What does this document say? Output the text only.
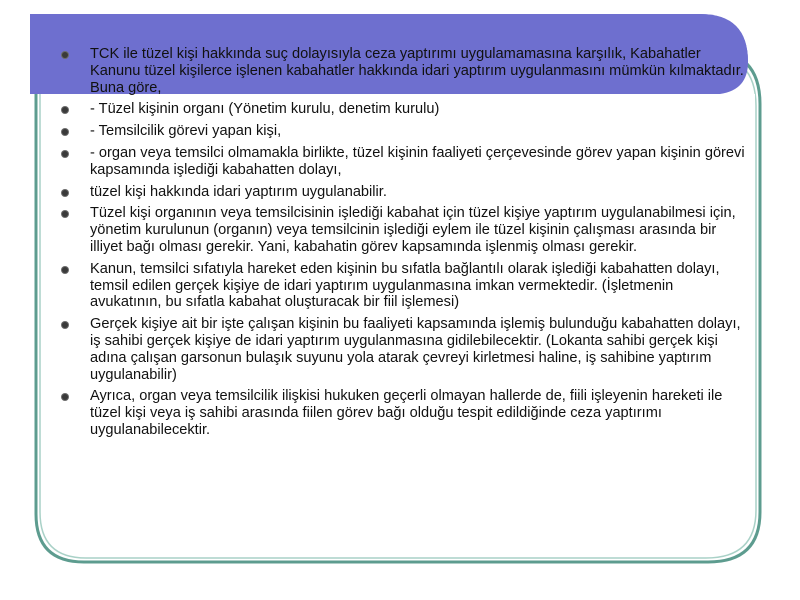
TCK ile tüzel kişi hakkında suç dolayısıyla ceza yaptırımı uygulamamasına karşılık, Kabahatler Kanunu tüzel kişilerce işlenen kabahatler hakkında idari yaptırım uygulanmasını mümkün kılmaktadır. Buna göre,
- Tüzel kişinin organı (Yönetim kurulu, denetim kurulu)
- Temsilcilik görevi yapan kişi,
- organ veya temsilci olmamakla birlikte, tüzel kişinin faaliyeti çerçevesinde görev yapan kişinin görevi kapsamında işlediği kabahatten dolayı,
tüzel kişi hakkında idari yaptırım uygulanabilir.
Tüzel kişi organının veya temsilcisinin işlediği kabahat için tüzel kişiye yaptırım uygulanabilmesi için, yönetim kurulunun (organın) veya temsilcinin işlediği eylem ile tüzel kişinin çalışması arasında bir illiyet bağı olması gerekir. Yani, kabahatin görev kapsamında işlenmiş olması gerekir.
Kanun, temsilci sıfatıyla hareket eden kişinin bu sıfatla bağlantılı olarak işlediği kabahatten dolayı, temsil edilen gerçek kişiye de idari yaptırım uygulanmasına imkan vermektedir. (İşletmenin avukatının, bu sıfatla kabahat oluşturacak bir fiil işlemesi)
Gerçek kişiye ait bir işte çalışan kişinin bu faaliyeti kapsamında işlemiş bulunduğu kabahatten dolayı, iş sahibi gerçek kişiye de idari yaptırım uygulanmasına gidilebilecektir. (Lokanta sahibi gerçek kişi adına çalışan garsonun bulaşık suyunu yola atarak çevreyi kirletmesi haline, iş sahibine yaptırım uygulanabilir)
Ayrıca, organ veya temsilcilik ilişkisi hukuken geçerli olmayan hallerde de, fiili işleyenin hareketi ile tüzel kişi veya iş sahibi arasında fiilen görev bağı olduğu tespit edildiğinde ceza yaptırımı uygulanabilecektir.
